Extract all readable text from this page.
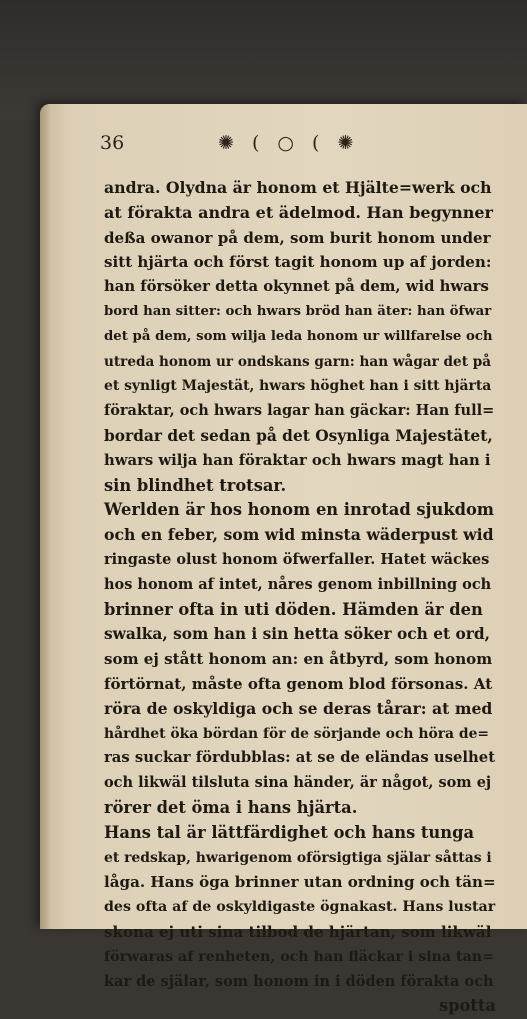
36	✺ ( ○ ( ✺
andra. Olydna är honom et Hjälte=werk och
at förakta andra et ädelmod. Han begynner
deßa owanor på dem, som burit honom under
sitt hjärta och först tagit honom up af jorden:
han försöker detta okynnet på dem, wid hwars
bord han sitter: och hwars bröd han äter: han öfwar
det på dem, som wilja leda honom ur willfarelse och
utreda honom ur ondskans garn: han wågar det på
et synligt Majestät, hwars höghet han i sitt hjärta
föraktar, och hwars lagar han gäckar: Han full=
bordar det sedan på det Osynliga Majestätet,
hwars wilja han föraktar och hwars magt han i
sin blindhet trotsar.
Werlden är hos honom en inrotad sjukdom
och en feber, som wid minsta wäderpust wid
ringaste olust honom öfwerfaller. Hatet wäckes
hos honom af intet, nåres genom inbillning och
brinner ofta in uti döden. Hämden är den
swalka, som han i sin hetta söker och et ord,
som ej stått honom an: en åtbyrd, som honom
förtörnat, måste ofta genom blod försonas. At
röra de oskyldiga och se deras tårar: at med
hårdhet öka bördan för de sörjande och höra de=
ras suckar fördubblas: at se de eländas uselhet
och likwäl tilsluta sina händer, är något, som ej
rörer det öma i hans hjärta.
Hans tal är lättfärdighet och hans tunga
et redskap, hwarigenom oförsigtiga själar såttas i
låga. Hans öga brinner utan ordning och tän=
des ofta af de oskyldigaste ögnakast. Hans lustar
skona ej uti sina tilbod de hjärtan, som likwäl
förwaras af renheten, och han fläckar i sina tan=
kar de själar, som honom in i döden förakta och
spotta
